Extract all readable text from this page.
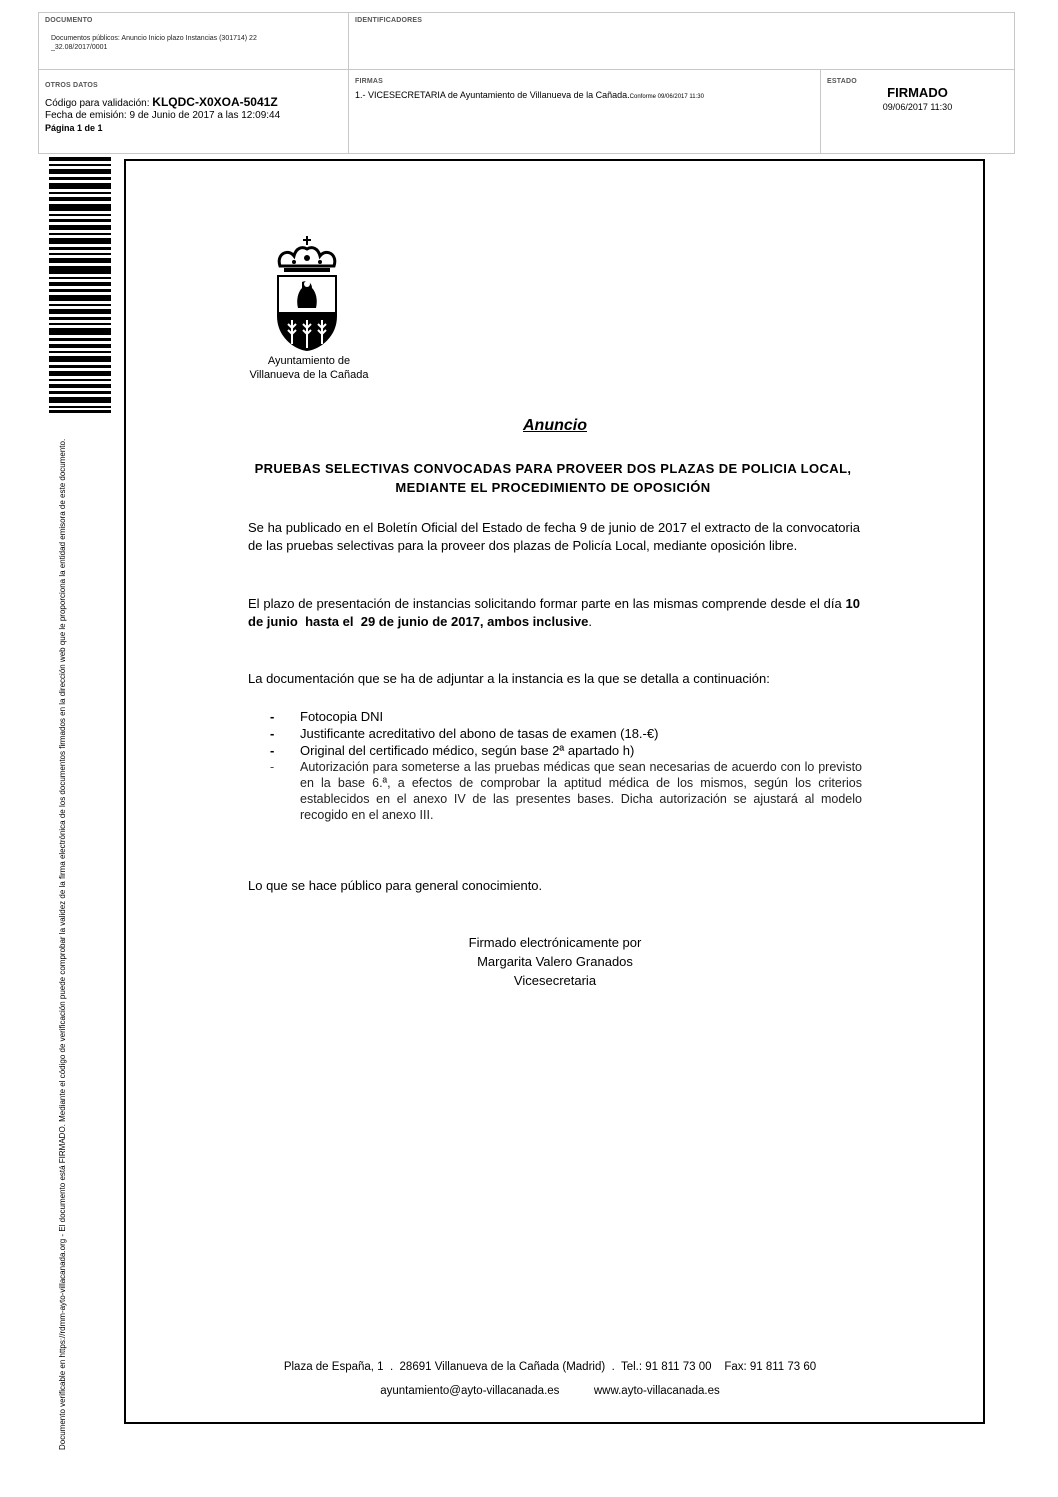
DOCUMENTO
Documentos públicos: Anuncio Inicio plazo Instancias (301714) 22 _32.08/2017/0001
IDENTIFICADORES
OTROS DATOS
Código para validación: KLQDC-X0XOA-5041Z
Fecha de emisión: 9 de Junio de 2017 a las 12:09:44
Página 1 de 1
FIRMAS
1.- VICESECRETARIA de Ayuntamiento de Villanueva de la Cañada.Conforme 09/06/2017 11:30
ESTADO
FIRMADO
09/06/2017 11:30
Documento verificable en https://rdmm-ayto-villacanada.org - El documento está FIRMADO. Mediante el código de verificación puede comprobar la validez de la firma electrónica de los documentos firmados en la dirección web que le proporciona la entidad emisora de este documento.
Ayuntamiento de
Villanueva de la Cañada
Anuncio
PRUEBAS SELECTIVAS CONVOCADAS PARA PROVEER DOS PLAZAS DE POLICIA LOCAL, MEDIANTE EL PROCEDIMIENTO DE OPOSICIÓN
Se ha publicado en el Boletín Oficial del Estado de fecha 9 de junio de 2017 el extracto de la convocatoria de las pruebas selectivas para la proveer dos plazas de Policía Local, mediante oposición libre.
El plazo de presentación de instancias solicitando formar parte en las mismas comprende desde el día 10 de junio  hasta el  29 de junio de 2017, ambos inclusive.
La documentación que se ha de adjuntar a la instancia es la que se detalla a continuación:
- Fotocopia DNI
- Justificante acreditativo del abono de tasas de examen (18.-€)
- Original del certificado médico, según base 2ª apartado h)
- Autorización para someterse a las pruebas médicas que sean necesarias de acuerdo con lo previsto en la base 6.ª, a efectos de comprobar la aptitud médica de los mismos, según los criterios establecidos en el anexo IV de las presentes bases. Dicha autorización se ajustará al modelo recogido en el anexo III.
Lo que se hace público para general conocimiento.
Firmado electrónicamente por
Margarita Valero Granados
Vicesecretaria
Plaza de España, 1  .  28691 Villanueva de la Cañada (Madrid)  .  Tel.: 91 811 73 00    Fax: 91 811 73 60
ayuntamiento@ayto-villacanada.es	www.ayto-villacanada.es
